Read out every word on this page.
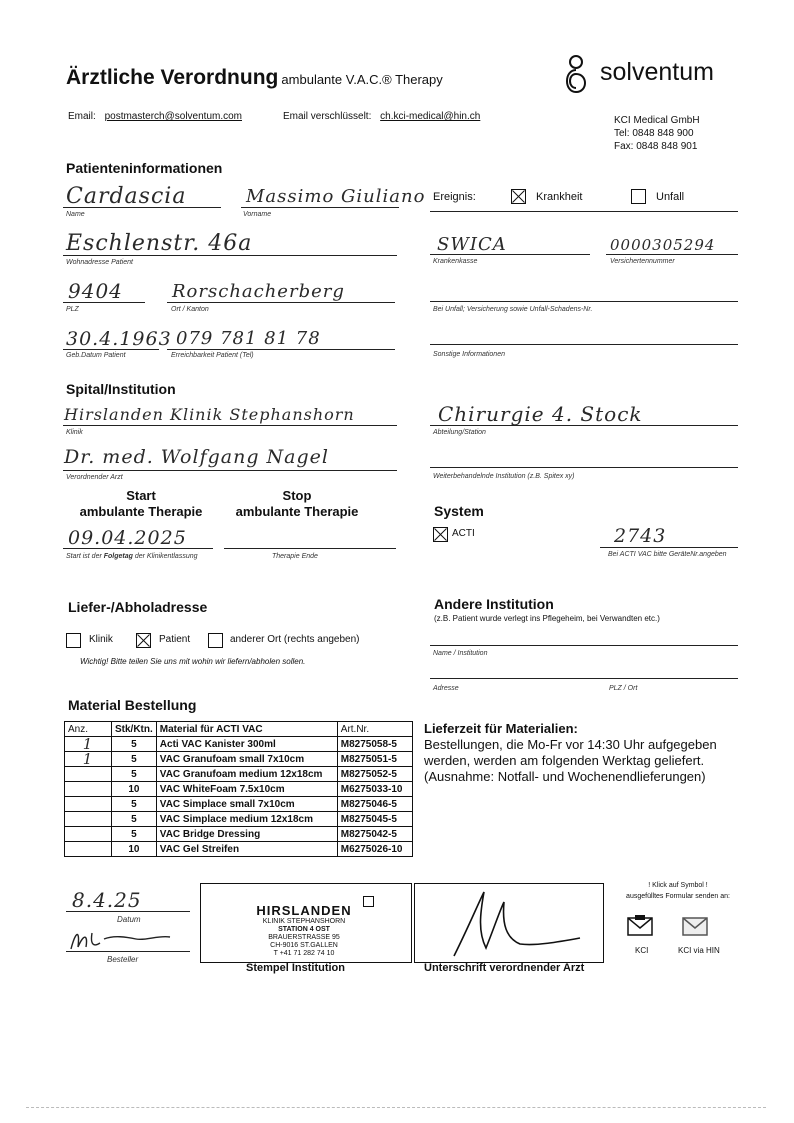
Ärztliche Verordnung ambulante V.A.C.® Therapy	solventum
Email: postmasterch@solventum.com	Email verschlüsselt: ch.kci-medical@hin.ch	KCI Medical GmbH
Tel: 0848 848 900
Fax: 0848 848 901
Patienteninformationen
Cardascia
Name
Massimo Giuliano
Vorname
Eschlenstr. 46a
Wohnadresse Patient
9404
PLZ
Rorschacherberg
Ort / Kanton
30.4.1963
Geb.Datum Patient
079 781 81 78
Erreichbarkeit Patient (Tel)
Ereignis:	Krankheit	Unfall
SWICA
Krankenkasse
0000305294
Versichertennummer
Bei Unfall; Versicherung sowie Unfall-Schadens-Nr.
Sonstige Informationen
Spital/Institution
Hirslanden Klinik Stephanshorn
Klinik
Dr. med. Wolfgang Nagel
Verordnender Arzt
Chirurgie 4. Stock
Abteilung/Station
Weiterbehandelnde Institution (z.B. Spitex xy)
Start
ambulante Therapie
Stop
ambulante Therapie
09.04.2025
Start ist der Folgetag der Klinikentlassung	Therapie Ende
System
ACTI	2743
Bei ACTI VAC bitte GeräteNr.angeben
Liefer-/Abholadresse
Klinik	Patient	anderer Ort (rechts angeben)
Wichtig! Bitte teilen Sie uns mit wohin wir liefern/abholen sollen.
Andere Institution
(z.B. Patient wurde verlegt ins Pflegeheim, bei Verwandten etc.)
Name / Institution
Adresse	PLZ / Ort
Material Bestellung
Anz.	Stk/Ktn.	Material für ACTI VAC	Art.Nr.
1	5	Acti VAC Kanister 300ml	M8275058-5
1	5	VAC Granufoam small 7x10cm	M8275051-5
	5	VAC Granufoam medium 12x18cm	M8275052-5
	10	VAC WhiteFoam 7.5x10cm	M6275033-10
	5	VAC Simplace small 7x10cm	M8275046-5
	5	VAC Simplace medium 12x18cm	M8275045-5
	5	VAC Bridge Dressing	M8275042-5
	10	VAC Gel Streifen	M6275026-10
Lieferzeit für Materialien:
Bestellungen, die Mo-Fr vor 14:30 Uhr aufgegeben
werden, werden am folgenden Werktag geliefert.
(Ausnahme: Notfall- und Wochenendlieferungen)
8.4.25
Datum
Besteller
HIRSLANDEN
KLINIK STEPHANSHORN
STATION 4 OST
BRAUERSTRASSE 95
CH-9016 ST.GALLEN
T +41 71 282 74 10
Stempel Institution	Unterschrift verordnender Arzt
! Klick auf Symbol !
ausgefülltes Formular senden an:
KCI	KCI via HIN
